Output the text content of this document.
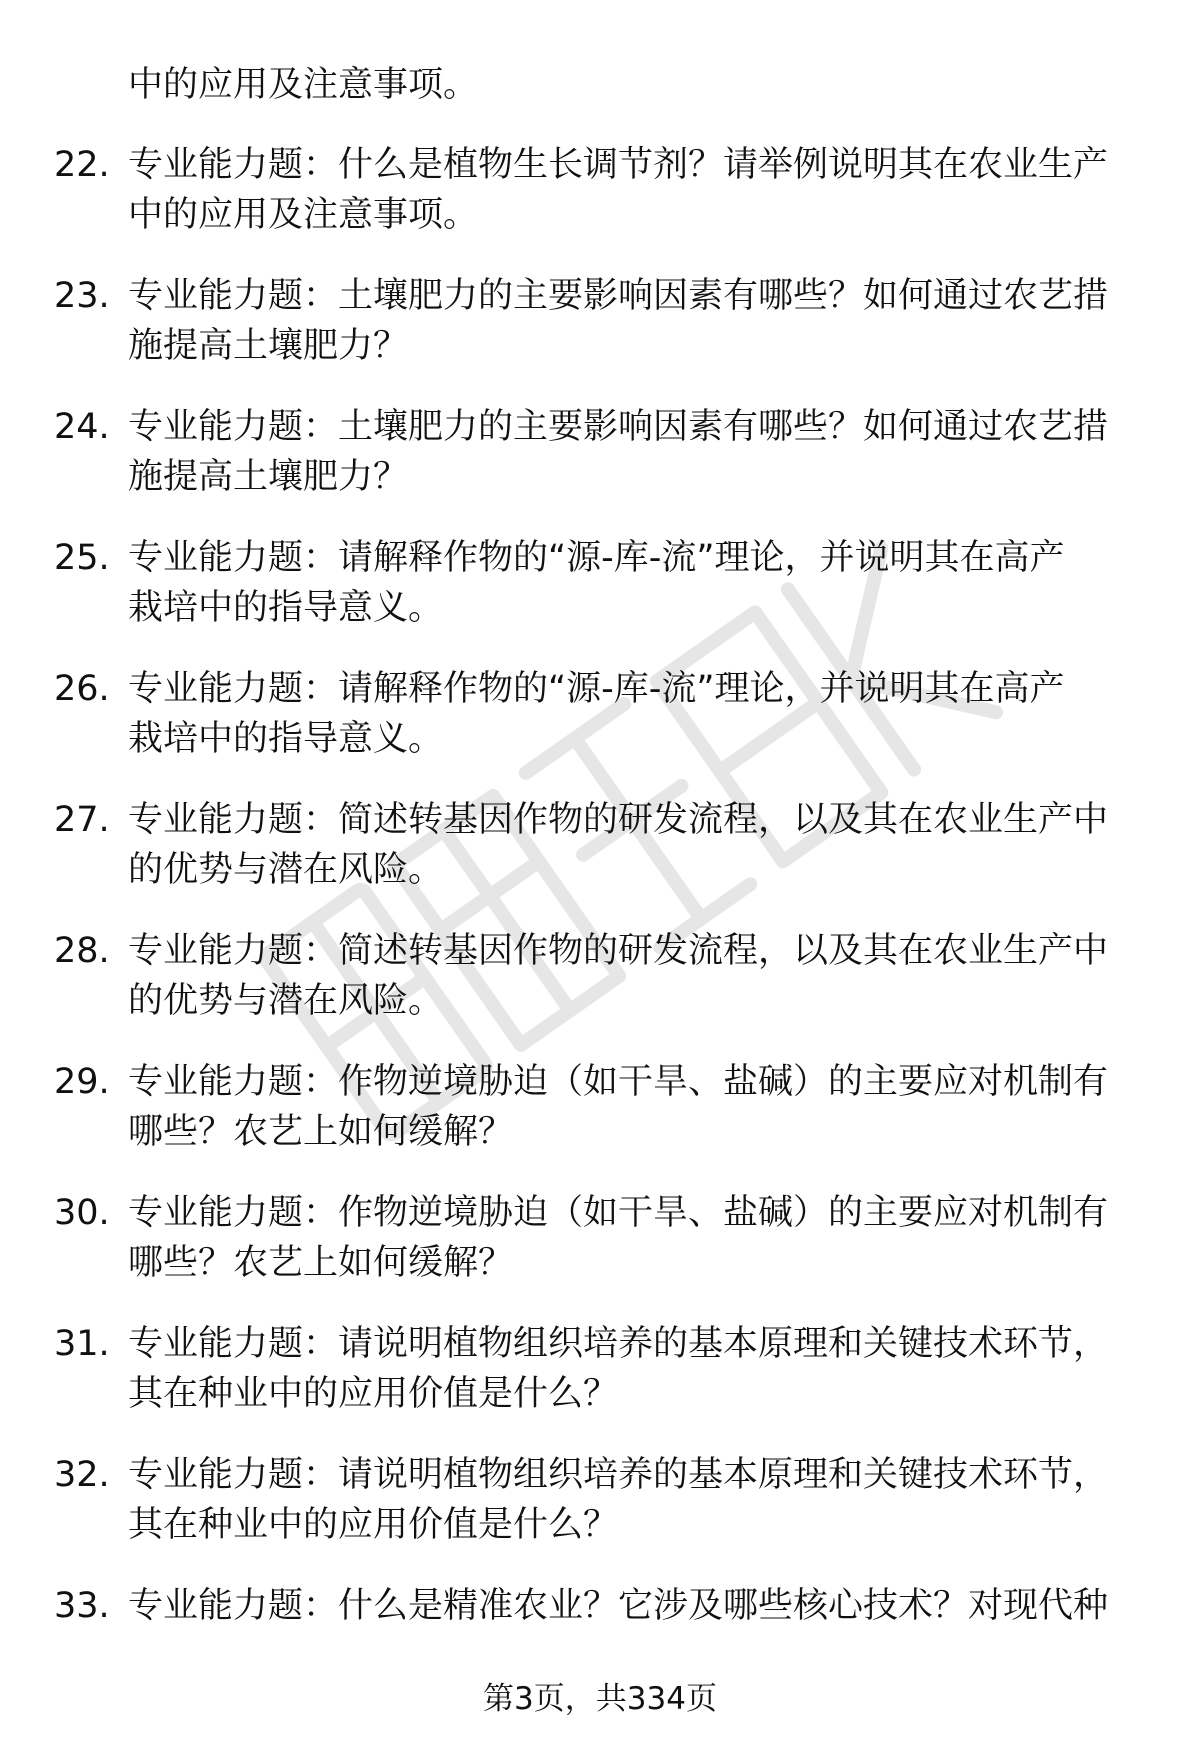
中的应用及注意事项。
22. 专业能力题：什么是植物生长调节剂？请举例说明其在农业生产
中的应用及注意事项。
23. 专业能力题：土壤肥力的主要影响因素有哪些？如何通过农艺措
施提高土壤肥力？
24. 专业能力题：土壤肥力的主要影响因素有哪些？如何通过农艺措
施提高土壤肥力？
25. 专业能力题：请解释作物的“源-库-流”理论，并说明其在高产
栽培中的指导意义。
26. 专业能力题：请解释作物的“源-库-流”理论，并说明其在高产
栽培中的指导意义。
27. 专业能力题：简述转基因作物的研发流程，以及其在农业生产中
的优势与潜在风险。
28. 专业能力题：简述转基因作物的研发流程，以及其在农业生产中
的优势与潜在风险。
29. 专业能力题：作物逆境胁迫（如干旱、盐碱）的主要应对机制有
哪些？农艺上如何缓解？
30. 专业能力题：作物逆境胁迫（如干旱、盐碱）的主要应对机制有
哪些？农艺上如何缓解？
31. 专业能力题：请说明植物组织培养的基本原理和关键技术环节，
其在种业中的应用价值是什么？
32. 专业能力题：请说明植物组织培养的基本原理和关键技术环节，
其在种业中的应用价值是什么？
33. 专业能力题：什么是精准农业？它涉及哪些核心技术？对现代种
第3页，共334页
